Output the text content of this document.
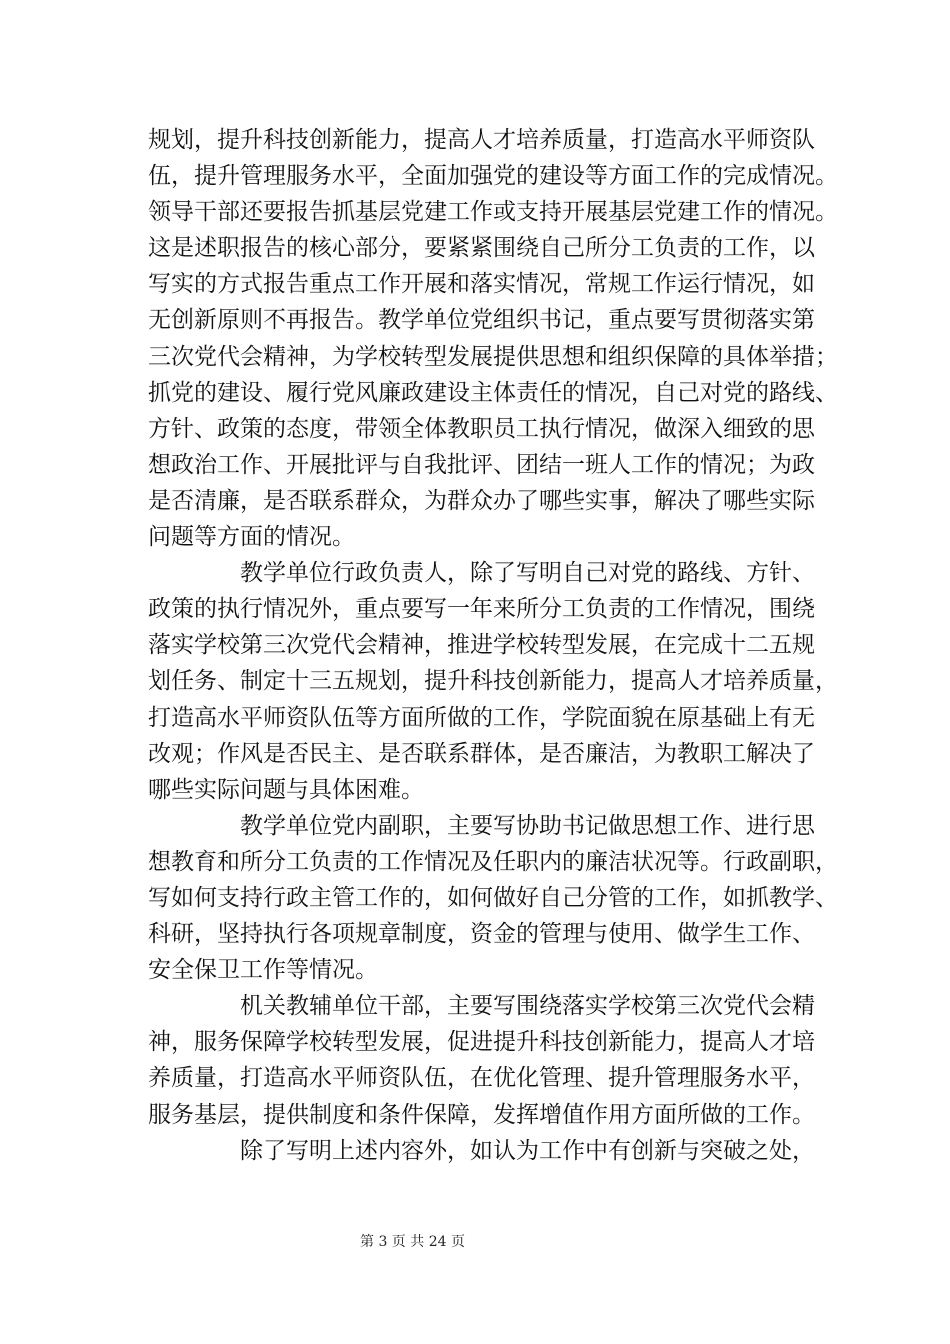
规划，提升科技创新能力，提高人才培养质量，打造高水平师资队
伍，提升管理服务水平，全面加强党的建设等方面工作的完成情况。
领导干部还要报告抓基层党建工作或支持开展基层党建工作的情况。
这是述职报告的核心部分，要紧紧围绕自己所分工负责的工作，以
写实的方式报告重点工作开展和落实情况，常规工作运行情况，如
无创新原则不再报告。教学单位党组织书记，重点要写贯彻落实第
三次党代会精神，为学校转型发展提供思想和组织保障的具体举措；
抓党的建设、履行党风廉政建设主体责任的情况，自己对党的路线、
方针、政策的态度，带领全体教职员工执行情况，做深入细致的思
想政治工作、开展批评与自我批评、团结一班人工作的情况；为政
是否清廉，是否联系群众，为群众办了哪些实事，解决了哪些实际
问题等方面的情况。
教学单位行政负责人，除了写明自己对党的路线、方针、
政策的执行情况外，重点要写一年来所分工负责的工作情况，围绕
落实学校第三次党代会精神，推进学校转型发展，在完成十二五规
划任务、制定十三五规划，提升科技创新能力，提高人才培养质量，
打造高水平师资队伍等方面所做的工作，学院面貌在原基础上有无
改观；作风是否民主、是否联系群体，是否廉洁，为教职工解决了
哪些实际问题与具体困难。
教学单位党内副职，主要写协助书记做思想工作、进行思
想教育和所分工负责的工作情况及任职内的廉洁状况等。行政副职，
写如何支持行政主管工作的，如何做好自己分管的工作，如抓教学、
科研，坚持执行各项规章制度，资金的管理与使用、做学生工作、
安全保卫工作等情况。
机关教辅单位干部，主要写围绕落实学校第三次党代会精
神，服务保障学校转型发展，促进提升科技创新能力，提高人才培
养质量，打造高水平师资队伍，在优化管理、提升管理服务水平，
服务基层，提供制度和条件保障，发挥增值作用方面所做的工作。
除了写明上述内容外，如认为工作中有创新与突破之处，
第 3 页 共 24 页
